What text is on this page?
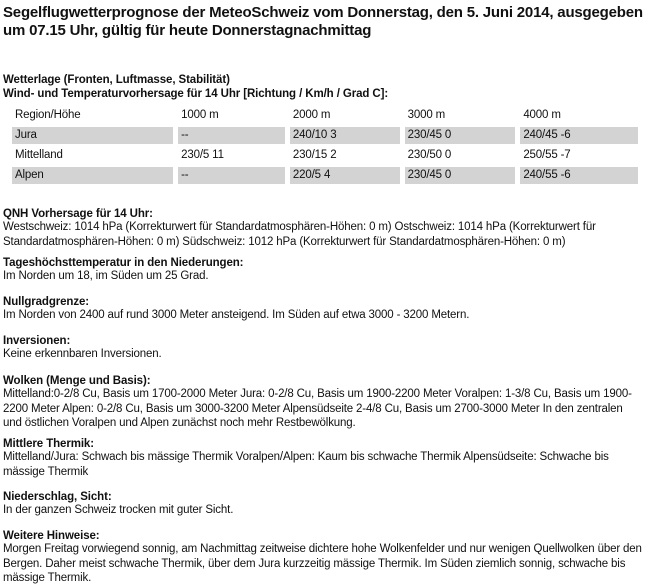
Segelflugwetterprognose der MeteoSchweiz vom Donnerstag, den 5. Juni 2014, ausgegeben um 07.15 Uhr, gültig für heute Donnerstagnachmittag
Wetterlage (Fronten, Luftmasse, Stabilität)
Wind- und Temperaturvorhersage für 14 Uhr [Richtung / Km/h / Grad C]:
Region/Höhe	1000 m	2000 m	3000 m	4000 m
Jura	--	240/10 3	230/45 0	240/45 -6
Mittelland	230/5 11	230/15 2	230/50 0	250/55 -7
Alpen	--	220/5 4	230/45 0	240/55 -6
QNH Vorhersage für 14 Uhr:
Westschweiz: 1014 hPa (Korrekturwert für Standardatmosphären-Höhen: 0 m) Ostschweiz: 1014 hPa (Korrekturwert für Standardatmosphären-Höhen: 0 m) Südschweiz: 1012 hPa (Korrekturwert für Standardatmosphären-Höhen: 0 m)
Tageshöchsttemperatur in den Niederungen:
Im Norden um 18, im Süden um 25 Grad.
Nullgradgrenze:
Im Norden von 2400 auf rund 3000 Meter ansteigend. Im Süden auf etwa 3000 - 3200 Metern.
Inversionen:
Keine erkennbaren Inversionen.
Wolken (Menge und Basis):
Mittelland:0-2/8 Cu, Basis um 1700-2000 Meter Jura: 0-2/8 Cu, Basis um 1900-2200 Meter Voralpen: 1-3/8 Cu, Basis um 1900-2200 Meter Alpen: 0-2/8 Cu, Basis um 3000-3200 Meter Alpensüdseite 2-4/8 Cu, Basis um 2700-3000 Meter In den zentralen und östlichen Voralpen und Alpen zunächst noch mehr Restbewölkung.
Mittlere Thermik:
Mittelland/Jura: Schwach bis mässige Thermik Voralpen/Alpen: Kaum bis schwache Thermik Alpensüdseite: Schwache bis mässige Thermik
Niederschlag, Sicht:
In der ganzen Schweiz trocken mit guter Sicht.
Weitere Hinweise:
Morgen Freitag vorwiegend sonnig, am Nachmittag zeitweise dichtere hohe Wolkenfelder und nur wenigen Quellwolken über den Bergen. Daher meist schwache Thermik, über dem Jura kurzzeitig mässige Thermik. Im Süden ziemlich sonnig, schwache bis mässige Thermik.
